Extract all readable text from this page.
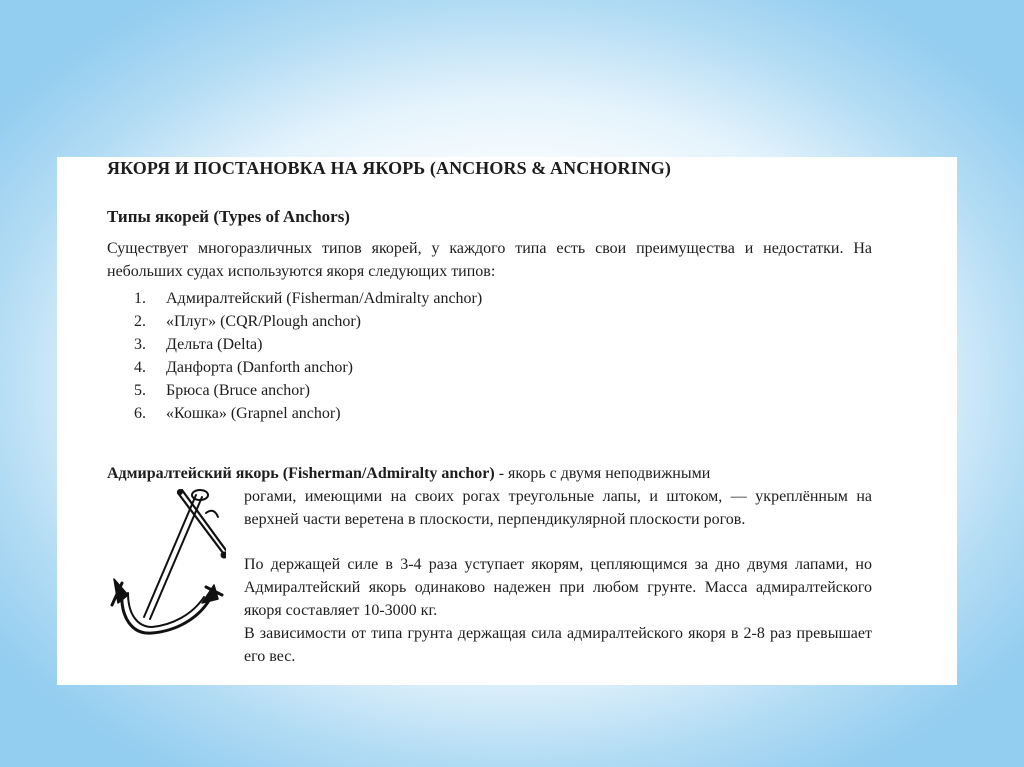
ЯКОРЯ И ПОСТАНОВКА НА ЯКОРЬ (ANCHORS & ANCHORING)
Типы якорей (Types of Anchors)

Существует многоразличных типов якорей, у каждого типа есть свои преимущества и недостатки. На небольших судах используются якоря следующих типов:

1. Адмиралтейский (Fisherman/Admiralty anchor)
2. «Плуг» (CQR/Plough anchor)
3. Дельта (Delta)
4. Данфорта (Danforth anchor)
5. Брюса (Bruce anchor)
6. «Кошка» (Grapnel anchor)

Адмиралтейский якорь (Fisherman/Admiralty anchor) - якорь с двумя неподвижными

рогами, имеющими на своих рогах треугольные лапы, и штоком, — укреплённым на верхней части веретена в плоскости, перпендикулярной плоскости рогов.

По держащей силе в 3-4 раза уступает якорям, цепляющимся за дно двумя лапами, но Адмиралтейский якорь одинаково надежен при любом грунте. Масса адмиралтейского якоря составляет 10-3000 кг.

В зависимости от типа грунта держащая сила адмиралтейского якоря в 2-8 раз превышает его вес.
